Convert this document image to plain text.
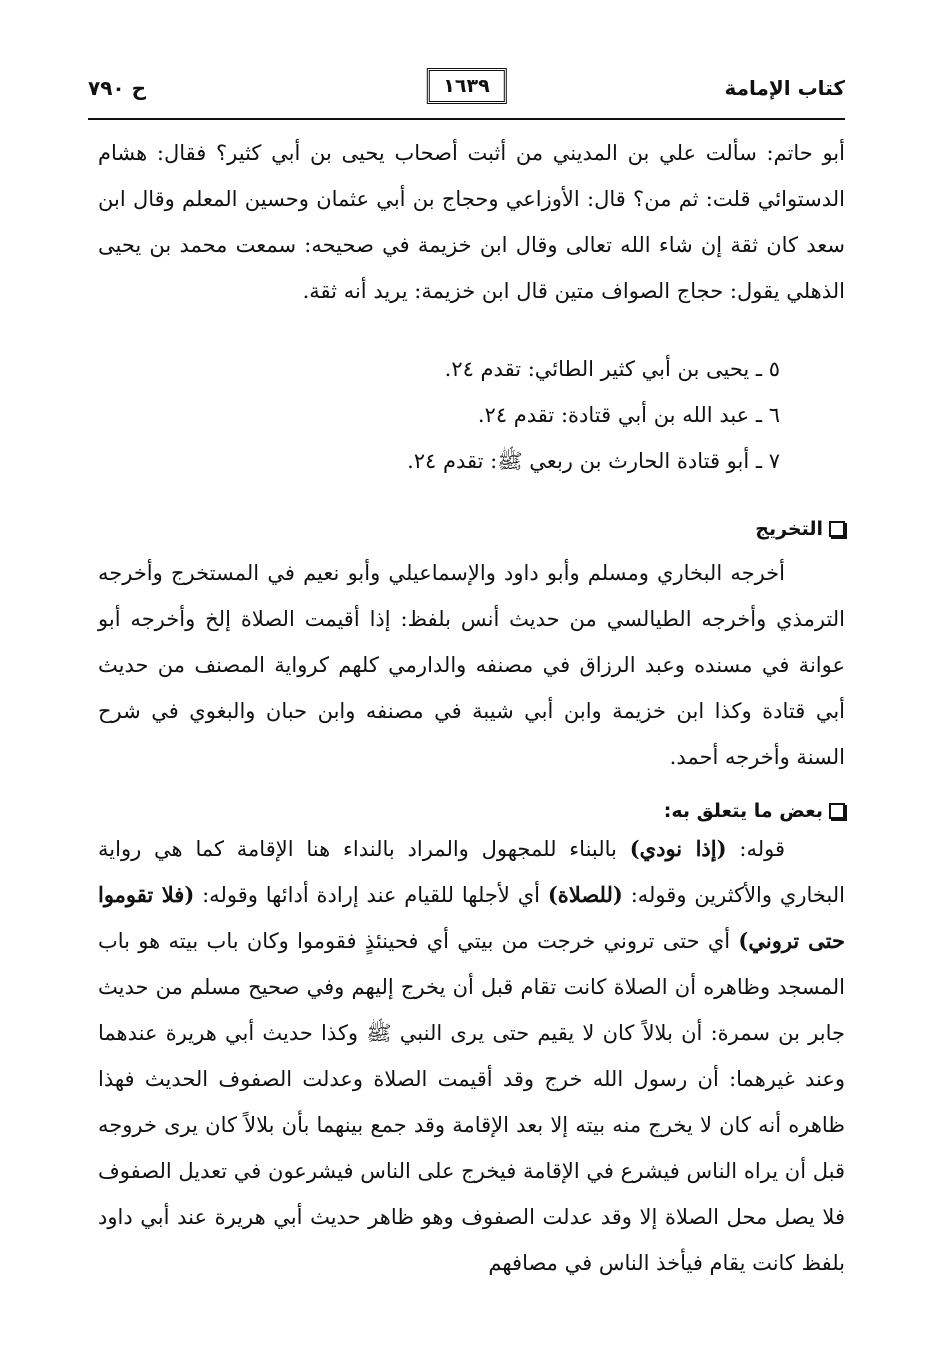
كتاب الإمامة
١٦٣٩
ح ٧٩٠

أبو حاتم: سألت علي بن المديني من أثبت أصحاب يحيى بن أبي كثير؟ فقال: هشام الدستوائي قلت: ثم من؟ قال: الأوزاعي وحجاج بن أبي عثمان وحسين المعلم وقال ابن سعد كان ثقة إن شاء الله تعالى وقال ابن خزيمة في صحيحه: سمعت محمد بن يحيى الذهلي يقول: حجاج الصواف متين قال ابن خزيمة: يريد أنه ثقة.

٥ ـ يحيى بن أبي كثير الطائي: تقدم ٢٤.
٦ ـ عبد الله بن أبي قتادة: تقدم ٢٤.
٧ ـ أبو قتادة الحارث بن ربعي ﷺ: تقدم ٢٤.
التخريج

أخرجه البخاري ومسلم وأبو داود والإسماعيلي وأبو نعيم في المستخرج وأخرجه الترمذي وأخرجه الطيالسي من حديث أنس بلفظ: إذا أقيمت الصلاة إلخ وأخرجه أبو عوانة في مسنده وعبد الرزاق في مصنفه والدارمي كلهم كرواية المصنف من حديث أبي قتادة وكذا ابن خزيمة وابن أبي شيبة في مصنفه وابن حبان والبغوي في شرح السنة وأخرجه أحمد.

بعض ما يتعلق به:

قوله: (إذا نودي) بالبناء للمجهول والمراد بالنداء هنا الإقامة كما هي رواية البخاري والأكثرين وقوله: (للصلاة) أي لأجلها للقيام عند إرادة أدائها وقوله: (فلا تقوموا حتى تروني) أي حتى تروني خرجت من بيتي أي فحينئذٍ فقوموا وكان باب بيته هو باب المسجد وظاهره أن الصلاة كانت تقام قبل أن يخرج إليهم وفي صحيح مسلم من حديث جابر بن سمرة: أن بلالاً كان لا يقيم حتى يرى النبي ﷺ وكذا حديث أبي هريرة عندهما وعند غيرهما: أن رسول الله خرج وقد أقيمت الصلاة وعدلت الصفوف الحديث فهذا ظاهره أنه كان لا يخرج منه بيته إلا بعد الإقامة وقد جمع بينهما بأن بلالاً كان يرى خروجه قبل أن يراه الناس فيشرع في الإقامة فيخرج على الناس فيشرعون في تعديل الصفوف فلا يصل محل الصلاة إلا وقد عدلت الصفوف وهو ظاهر حديث أبي هريرة عند أبي داود بلفظ كانت يقام فيأخذ الناس في مصافهم
